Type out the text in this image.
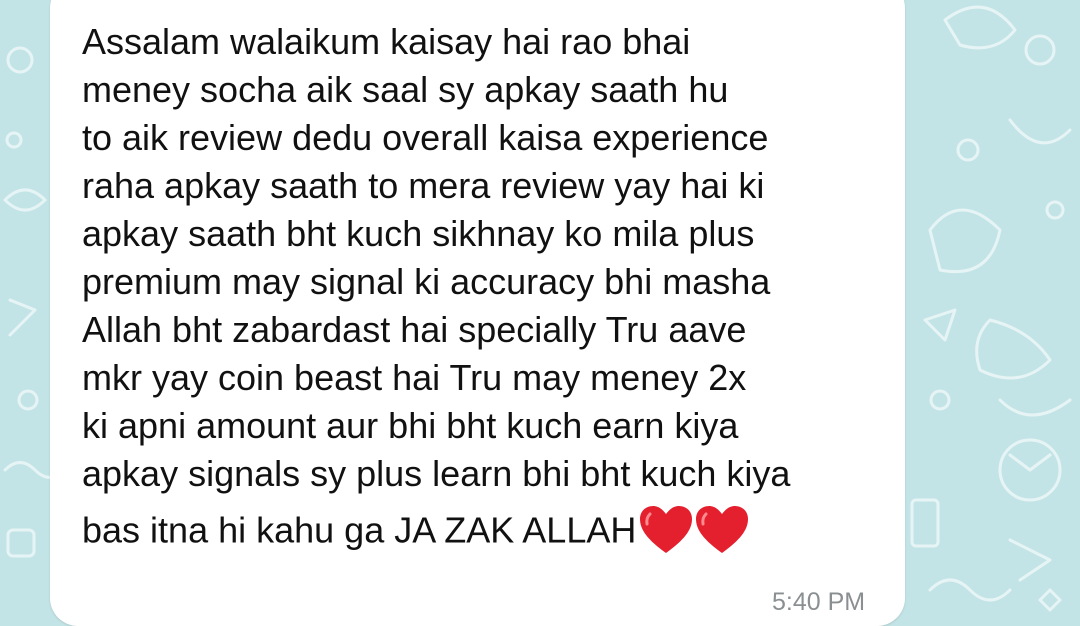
Assalam walaikum kaisay hai rao bhai
meney socha aik saal sy apkay saath hu
to aik review dedu overall kaisa experience
raha apkay saath to mera review yay hai ki
apkay saath bht kuch sikhnay ko mila plus
premium may signal ki accuracy bhi masha
Allah bht zabardast hai specially Tru aave
mkr yay coin beast hai Tru may meney 2x
ki apni amount aur bhi bht kuch earn kiya
apkay signals sy plus learn bhi bht kuch kiya
bas itna hi kahu ga JA ZAK ALLAH
5:40 PM
